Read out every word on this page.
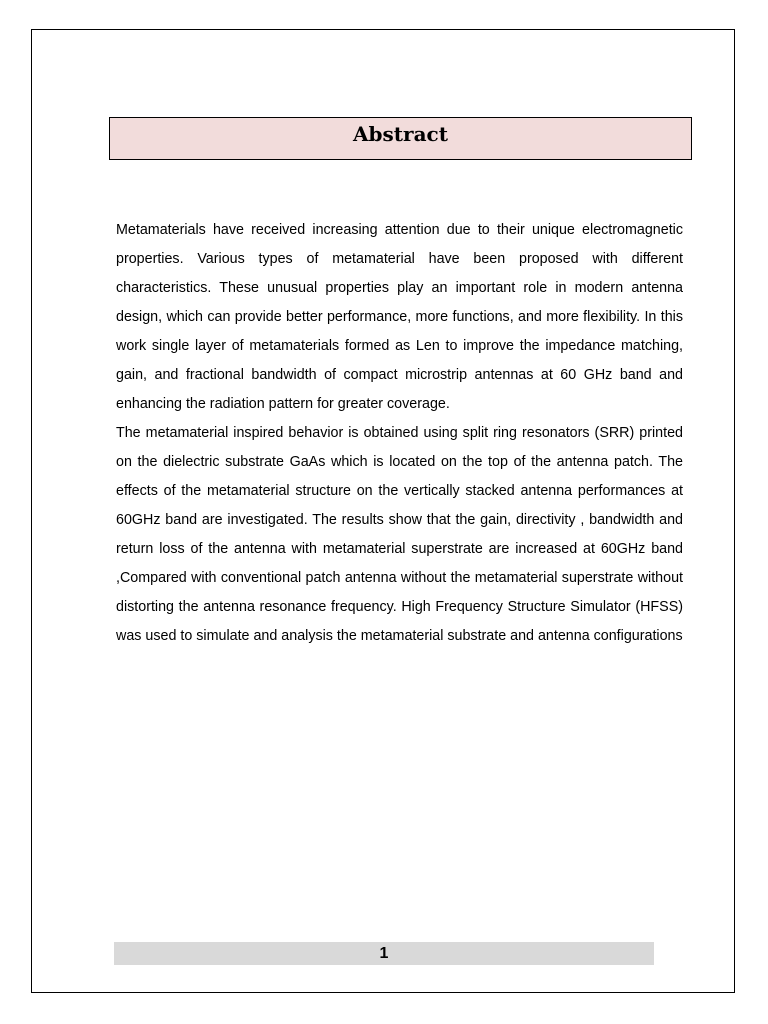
Abstract

Metamaterials have received increasing attention due to their unique electromagnetic properties. Various types of metamaterial have been proposed with different characteristics. These unusual properties play an important role in modern antenna design, which can provide better performance, more functions, and more flexibility. In this work single layer of metamaterials formed as Len to improve the impedance matching, gain, and fractional bandwidth of compact microstrip antennas at 60 GHz band and enhancing the radiation pattern for greater coverage.

The metamaterial inspired behavior is obtained using split ring resonators (SRR) printed on the dielectric substrate GaAs which is located on the top of the antenna patch. The effects of the metamaterial structure on the vertically stacked antenna performances at 60GHz band are investigated. The results show that the gain, directivity , bandwidth and return loss of the antenna with metamaterial superstrate are increased at 60GHz band ,Compared with conventional patch antenna without the metamaterial superstrate without distorting the antenna resonance frequency. High Frequency Structure Simulator (HFSS) was used to simulate and analysis the metamaterial substrate and antenna configurations

1
